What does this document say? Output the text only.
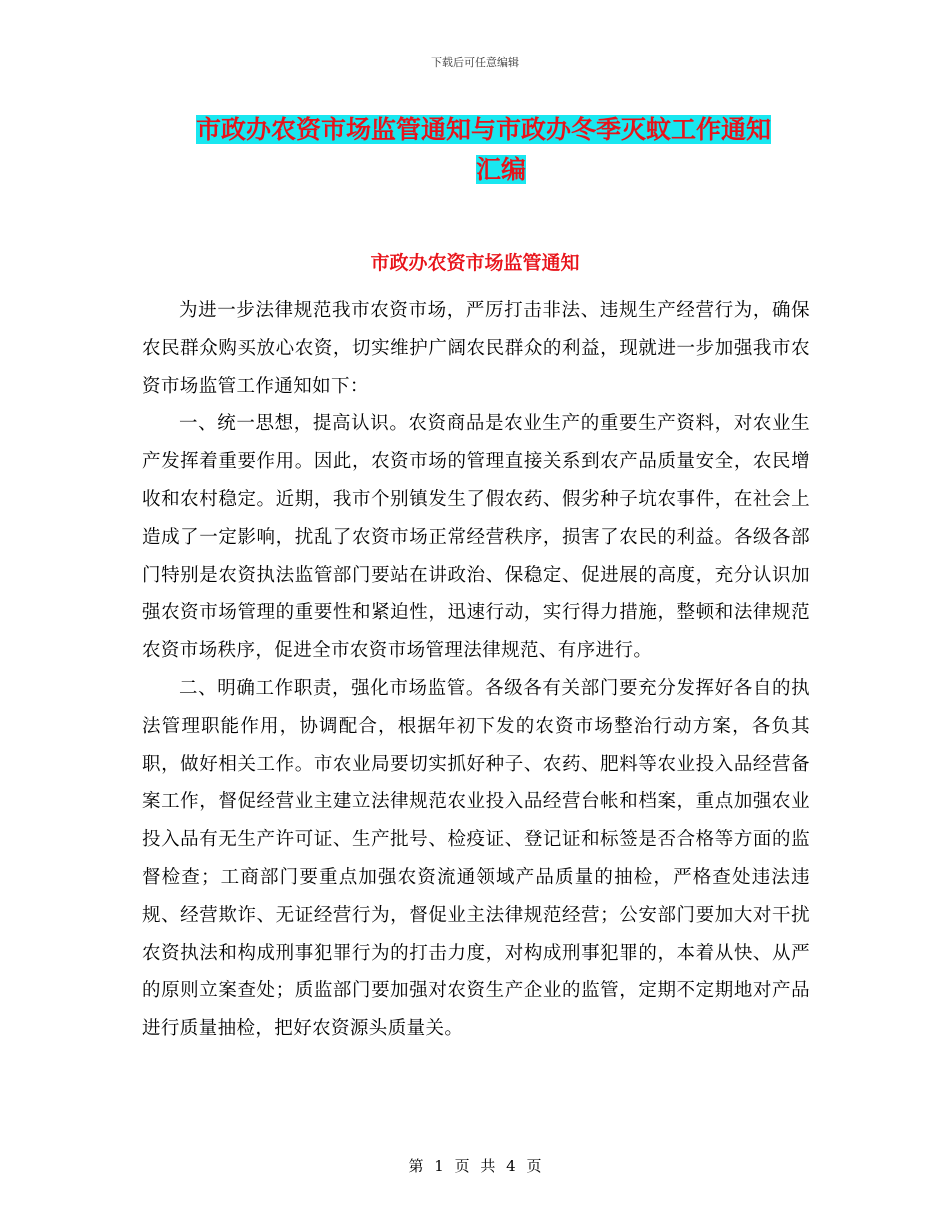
下载后可任意编辑
市政办农资市场监管通知与市政办冬季灭蚊工作通知
汇编
市政办农资市场监管通知

为进一步法律规范我市农资市场，严厉打击非法、违规生产经营行为，确保农民群众购买放心农资，切实维护广阔农民群众的利益，现就进一步加强我市农资市场监管工作通知如下：

一、统一思想，提高认识。农资商品是农业生产的重要生产资料，对农业生产发挥着重要作用。因此，农资市场的管理直接关系到农产品质量安全，农民增收和农村稳定。近期，我市个别镇发生了假农药、假劣种子坑农事件，在社会上造成了一定影响，扰乱了农资市场正常经营秩序，损害了农民的利益。各级各部门特别是农资执法监管部门要站在讲政治、保稳定、促进展的高度，充分认识加强农资市场管理的重要性和紧迫性，迅速行动，实行得力措施，整顿和法律规范农资市场秩序，促进全市农资市场管理法律规范、有序进行。

二、明确工作职责，强化市场监管。各级各有关部门要充分发挥好各自的执法管理职能作用，协调配合，根据年初下发的农资市场整治行动方案，各负其职，做好相关工作。市农业局要切实抓好种子、农药、肥料等农业投入品经营备案工作，督促经营业主建立法律规范农业投入品经营台帐和档案，重点加强农业投入品有无生产许可证、生产批号、检疫证、登记证和标签是否合格等方面的监督检查；工商部门要重点加强农资流通领域产品质量的抽检，严格查处违法违规、经营欺诈、无证经营行为，督促业主法律规范经营；公安部门要加大对干扰农资执法和构成刑事犯罪行为的打击力度，对构成刑事犯罪的，本着从快、从严的原则立案查处；质监部门要加强对农资生产企业的监管，定期不定期地对产品进行质量抽检，把好农资源头质量关。

第 1 页 共 4 页
